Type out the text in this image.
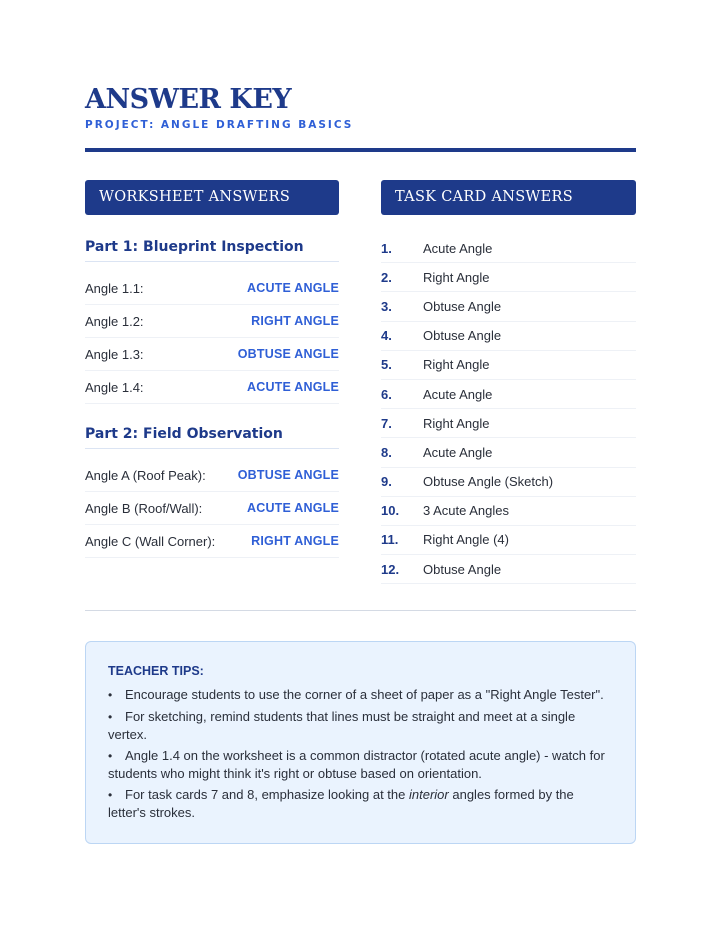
ANSWER KEY
PROJECT: ANGLE DRAFTING BASICS
WORKSHEET ANSWERS
Part 1: Blueprint Inspection
Angle 1.1:	ACUTE ANGLE
Angle 1.2:	RIGHT ANGLE
Angle 1.3:	OBTUSE ANGLE
Angle 1.4:	ACUTE ANGLE
Part 2: Field Observation
Angle A (Roof Peak):	OBTUSE ANGLE
Angle B (Roof/Wall):	ACUTE ANGLE
Angle C (Wall Corner):	RIGHT ANGLE
TASK CARD ANSWERS
1.	Acute Angle
2.	Right Angle
3.	Obtuse Angle
4.	Obtuse Angle
5.	Right Angle
6.	Acute Angle
7.	Right Angle
8.	Acute Angle
9.	Obtuse Angle (Sketch)
10.	3 Acute Angles
11.	Right Angle (4)
12.	Obtuse Angle
TEACHER TIPS:
• Encourage students to use the corner of a sheet of paper as a "Right Angle Tester".
• For sketching, remind students that lines must be straight and meet at a single vertex.
• Angle 1.4 on the worksheet is a common distractor (rotated acute angle) - watch for students who might think it's right or obtuse based on orientation.
• For task cards 7 and 8, emphasize looking at the interior angles formed by the letter's strokes.
